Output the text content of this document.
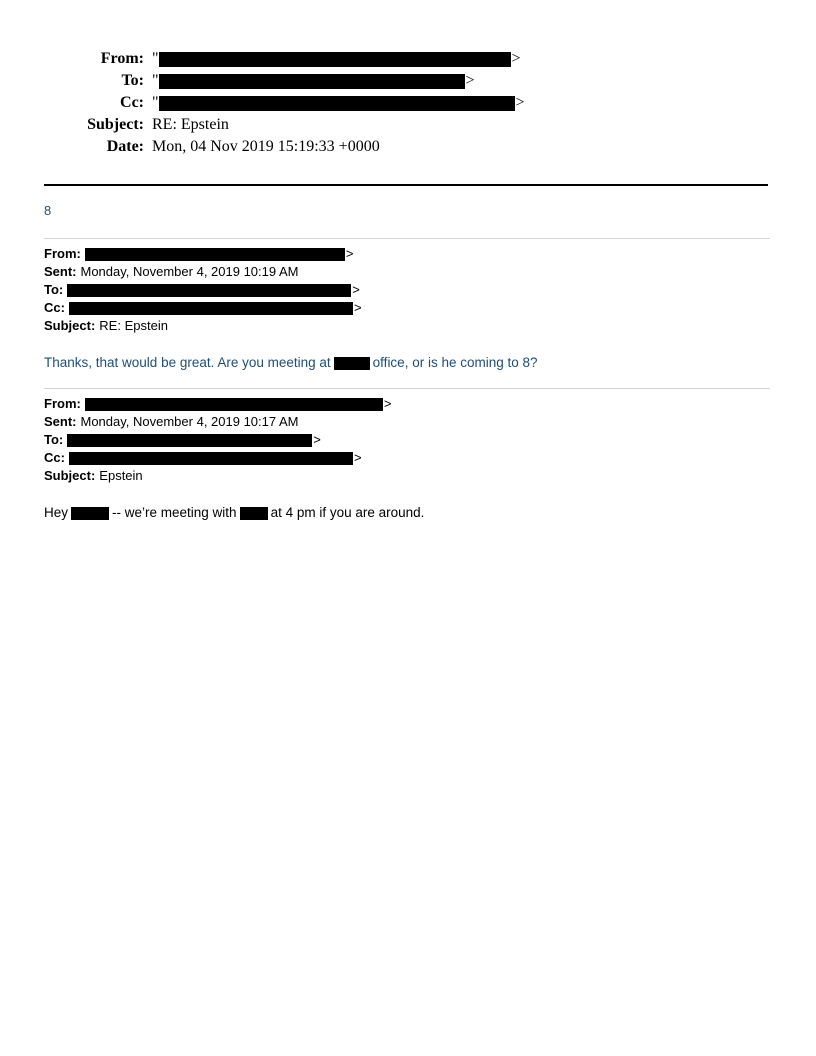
From: "	>
To: "	>
Cc: "	>
Subject: RE: Epstein
Date: Mon, 04 Nov 2019 15:19:33 +0000
8
From:	>
Sent: Monday, November 4, 2019 10:19 AM
To:	>
Cc:	>
Subject: RE: Epstein
Thanks, that would be great. Are you meeting at	office, or is he coming to 8?
From:	>
Sent: Monday, November 4, 2019 10:17 AM
To:	>
Cc:	>
Subject: Epstein
Hey	-- we’re meeting with	at 4 pm if you are around.
